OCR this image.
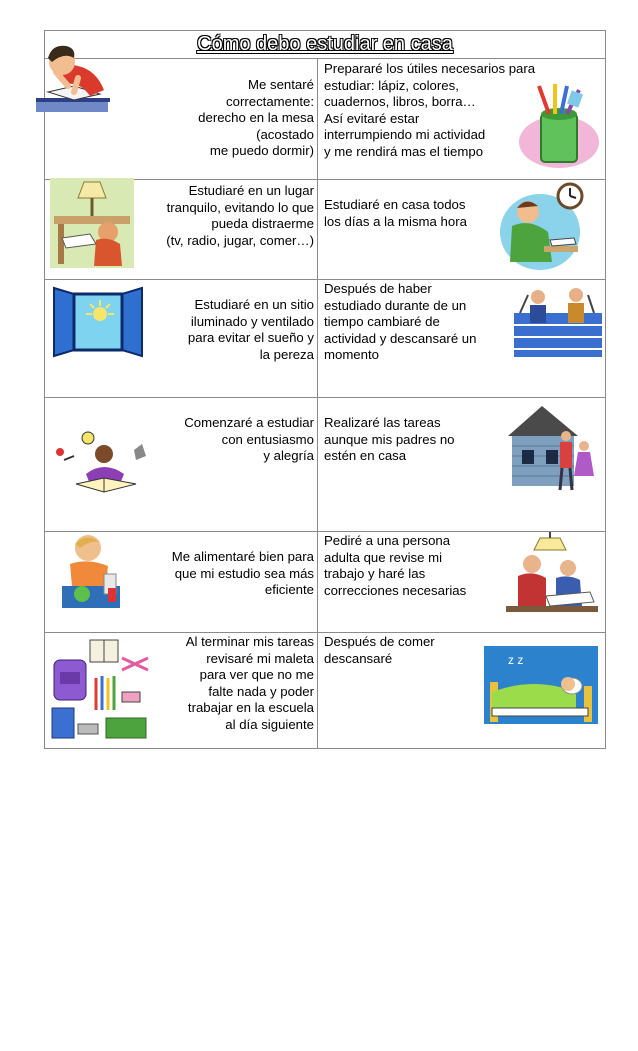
Cómo debo estudiar en casa
Me sentaré
correctamente:
derecho en la mesa
(acostado
me puedo dormir)
Prepararé los útiles necesarios para
estudiar: lápiz, colores,
cuadernos, libros, borra…
Así evitaré estar
interrumpiendo mi actividad
y me rendirá mas el tiempo
Estudiaré en un lugar
tranquilo, evitando lo que
pueda distraerme
(tv, radio, jugar, comer…)
Estudiaré en casa todos
los días a la misma hora
Estudiaré en un sitio
iluminado y ventilado
para evitar el sueño y
la pereza
Después de haber
estudiado durante de un
tiempo cambiaré de
actividad y descansaré un
momento
Comenzaré a estudiar
con entusiasmo
y alegría
Realizaré las tareas
aunque mis padres no
estén en casa
Me alimentaré bien para
que mi estudio sea más
eficiente
Pediré a una persona
adulta que revise mi
trabajo y haré las
correcciones necesarias
Al terminar mis tareas
revisaré mi maleta
para ver que no me
falte nada y poder
trabajar en la escuela
al día siguiente
Después de comer
descansaré	z z
